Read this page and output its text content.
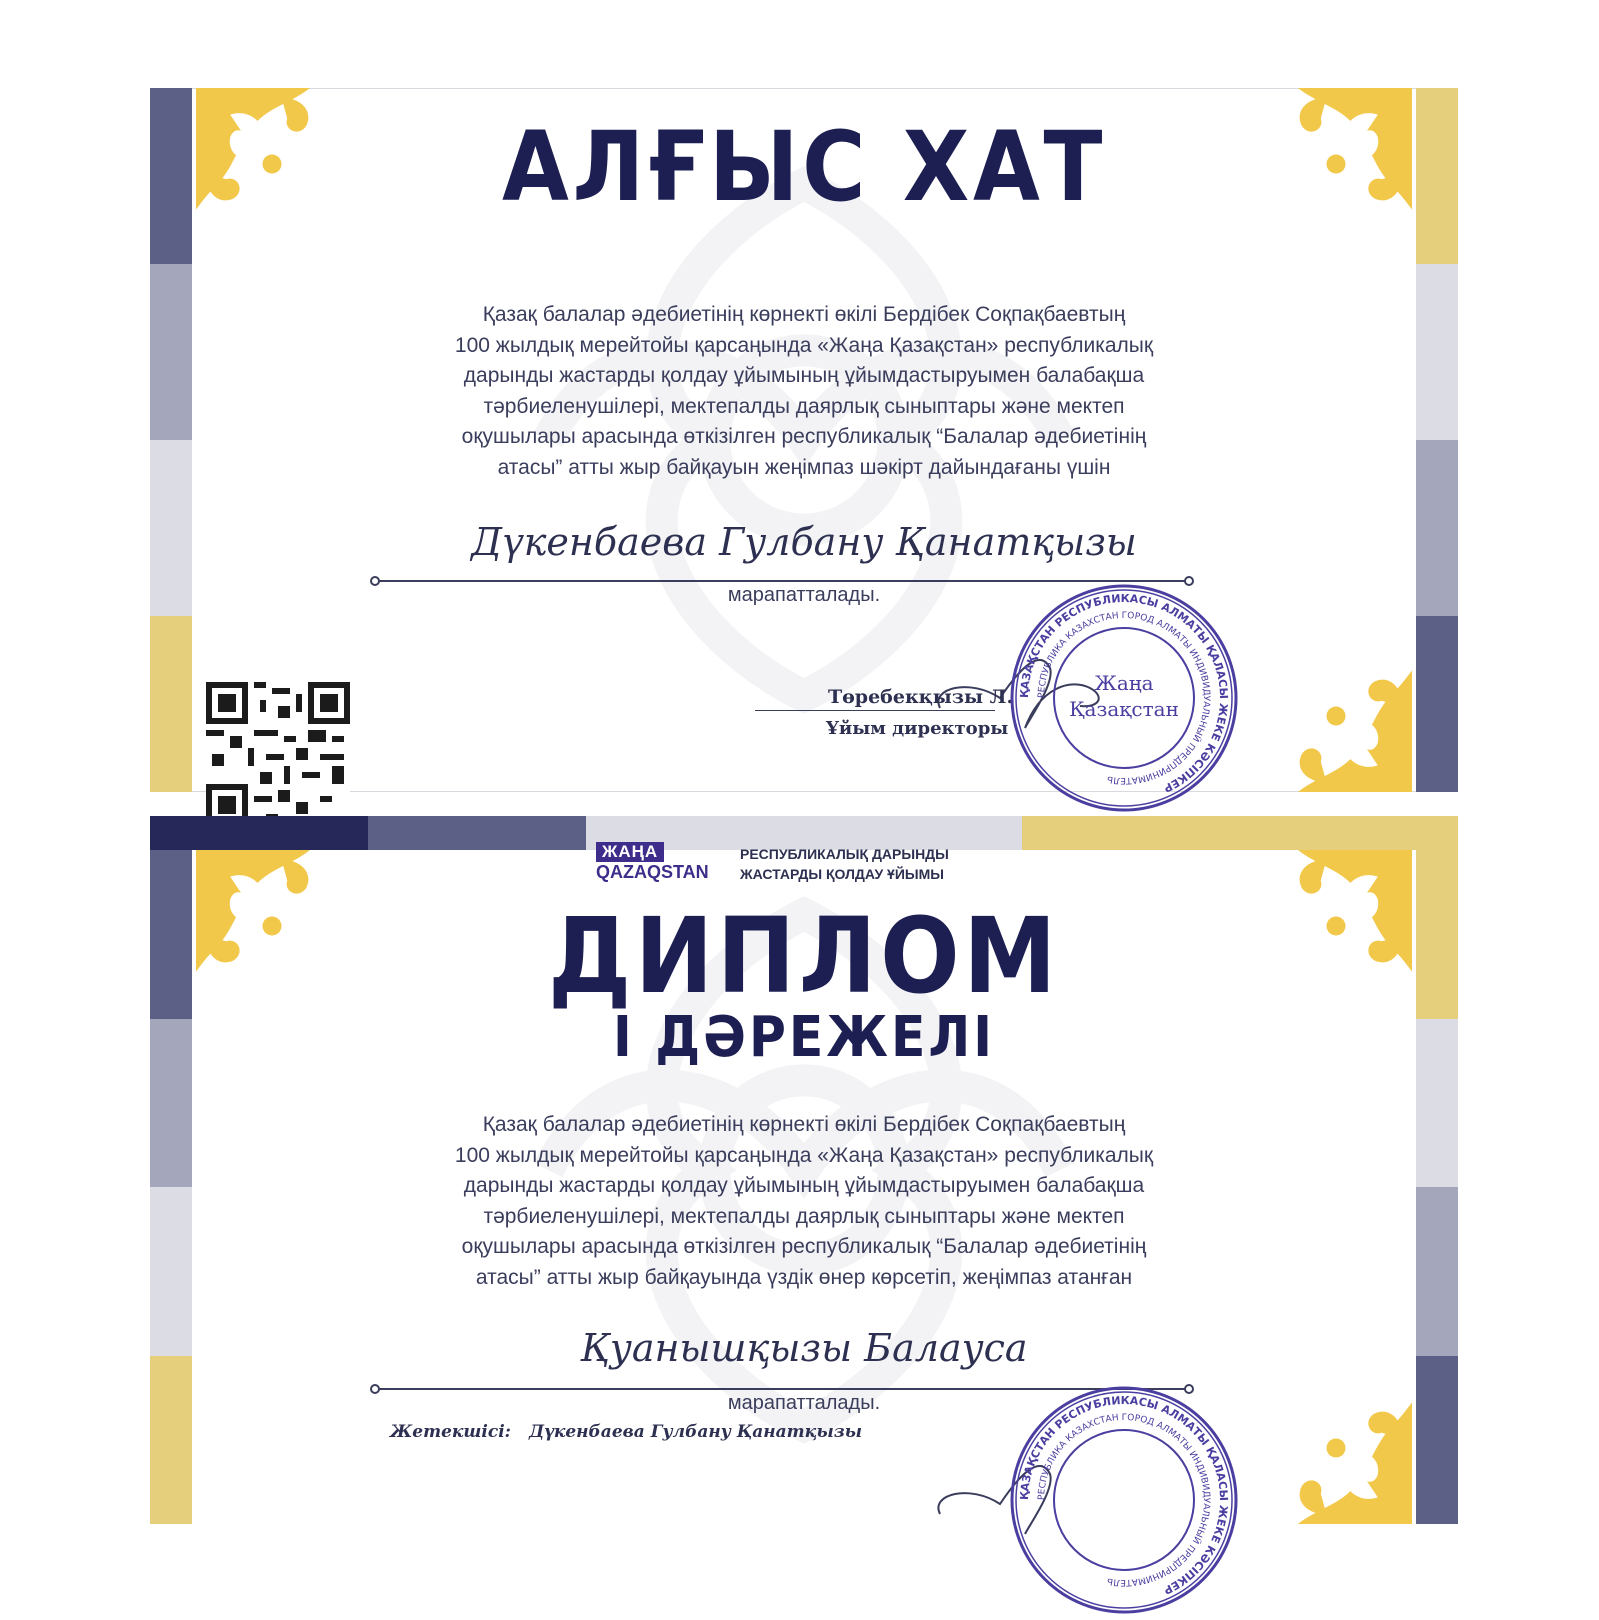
АЛҒЫС ХАТ
Қазақ балалар әдебиетінің көрнекті өкілі Бердібек Соқпақбаевтың
100 жылдық мерейтойы қарсаңында «Жаңа Қазақстан» республикалық
дарынды жастарды қолдау ұйымының ұйымдастыруымен балабақша
тәрбиеленушілері, мектепалды даярлық сыныптары және мектеп
оқушылары арасында өткізілген республикалық “Балалар әдебиетінің
атасы” атты жыр байқауын жеңімпаз шәкірт дайындағаны үшін
Дүкенбаева Гулбану Қанатқызы
марапатталады.
Төребекқызы Л.
Ұйым директоры
ҚАЗАҚСТАН РЕСПУБЛИКАСЫ АЛМАТЫ ҚАЛАСЫ ЖЕКЕ КӘСІПКЕР
РЕСПУБЛИКА КАЗАХСТАН ГОРОД АЛМАТЫ ИНДИВИДУАЛЬНЫЙ ПРЕДПРИНИМАТЕЛЬ
Жаңа
Қазақстан
ЖАҢА
QAZAQSTAN
РЕСПУБЛИКАЛЫҚ ДАРЫНДЫ
ЖАСТАРДЫ ҚОЛДАУ ҰЙЫМЫ
ДИПЛОМ
І ДӘРЕЖЕЛІ
Қазақ балалар әдебиетінің көрнекті өкілі Бердібек Соқпақбаевтың
100 жылдық мерейтойы қарсаңында «Жаңа Қазақстан» республикалық
дарынды жастарды қолдау ұйымының ұйымдастыруымен балабақша
тәрбиеленушілері, мектепалды даярлық сыныптары және мектеп
оқушылары арасында өткізілген республикалық “Балалар әдебиетінің
атасы” атты жыр байқауында үздік өнер көрсетіп, жеңімпаз атанған
Қуанышқызы Балауса
марапатталады.
Жетекшісі: Дүкенбаева Гулбану Қанатқызы
ҚАЗАҚСТАН РЕСПУБЛИКАСЫ АЛМАТЫ ҚАЛАСЫ ЖЕКЕ КӘСІПКЕР
РЕСПУБЛИКА КАЗАХСТАН ГОРОД АЛМАТЫ ИНДИВИДУАЛЬНЫЙ ПРЕДПРИНИМАТЕЛЬ
